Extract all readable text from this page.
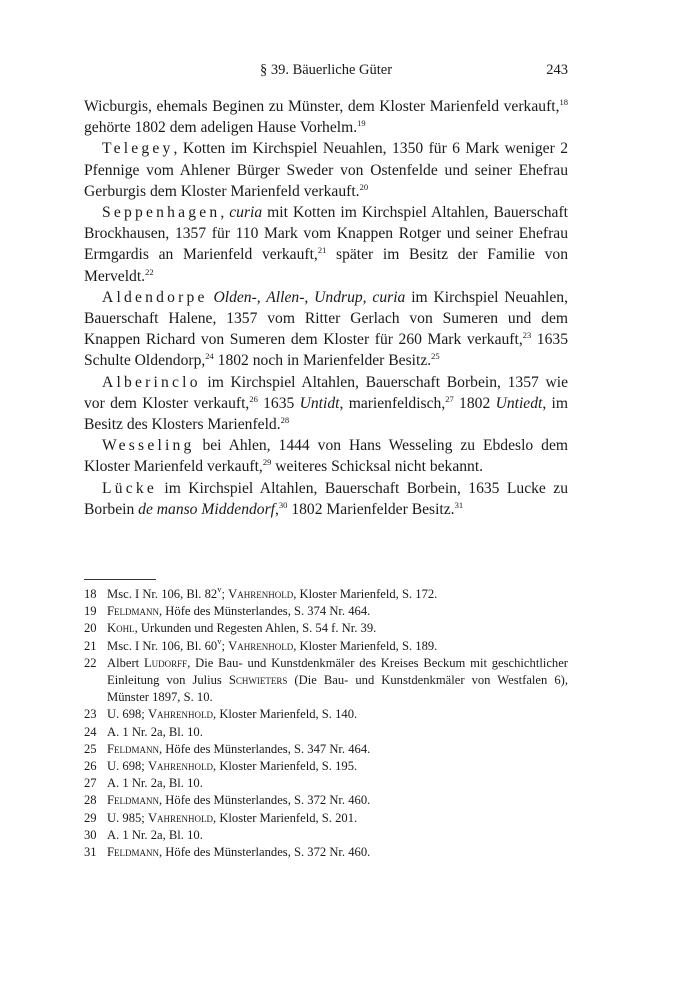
§ 39. Bäuerliche Güter	243

Wicburgis, ehemals Beginen zu Münster, dem Kloster Marienfeld verkauft,$^{18}$ gehörte 1802 dem adeligen Hause Vorhelm.$^{19}$

Telegey, Kotten im Kirchspiel Neuahlen, 1350 für 6 Mark weniger 2 Pfennige vom Ahlener Bürger Sweder von Ostenfelde und seiner Ehefrau Gerburgis dem Kloster Marienfeld verkauft.$^{20}$

Seppenhagen, curia mit Kotten im Kirchspiel Altahlen, Bauerschaft Brockhausen, 1357 für 110 Mark vom Knappen Rotger und seiner Ehefrau Ermgardis an Marienfeld verkauft,$^{21}$ später im Besitz der Familie von Merveldt.$^{22}$

Aldendorpe Olden-, Allen-, Undrup, curia im Kirchspiel Neuahlen, Bauerschaft Halene, 1357 vom Ritter Gerlach von Sumeren und dem Knappen Richard von Sumeren dem Kloster für 260 Mark verkauft,$^{23}$ 1635 Schulte Oldendorp,$^{24}$ 1802 noch in Marienfelder Besitz.$^{25}$

Alberinclo im Kirchspiel Altahlen, Bauerschaft Borbein, 1357 wie vor dem Kloster verkauft,$^{26}$ 1635 Untidt, marienfeldisch,$^{27}$ 1802 Untiedt, im Besitz des Klosters Marienfeld.$^{28}$

Wesseling bei Ahlen, 1444 von Hans Wesseling zu Ebdeslo dem Kloster Marienfeld verkauft,$^{29}$ weiteres Schicksal nicht bekannt.

Lücke im Kirchspiel Altahlen, Bauerschaft Borbein, 1635 Lucke zu Borbein de manso Middendorf,$^{30}$ 1802 Marienfelder Besitz.$^{31}$

18 Msc. I Nr. 106, Bl. 82$^v$; Vahrenhold, Kloster Marienfeld, S. 172.
19 Feldmann, Höfe des Münsterlandes, S. 374 Nr. 464.
20 Kohl, Urkunden und Regesten Ahlen, S. 54 f. Nr. 39.
21 Msc. I Nr. 106, Bl. 60$^v$; Vahrenhold, Kloster Marienfeld, S. 189.
22 Albert Ludorff, Die Bau- und Kunstdenkmäler des Kreises Beckum mit geschichtlicher Einleitung von Julius Schwieters (Die Bau- und Kunstdenkmäler von Westfalen 6), Münster 1897, S. 10.
23 U. 698; Vahrenhold, Kloster Marienfeld, S. 140.
24 A. 1 Nr. 2a, Bl. 10.
25 Feldmann, Höfe des Münsterlandes, S. 347 Nr. 464.
26 U. 698; Vahrenhold, Kloster Marienfeld, S. 195.
27 A. 1 Nr. 2a, Bl. 10.
28 Feldmann, Höfe des Münsterlandes, S. 372 Nr. 460.
29 U. 985; Vahrenhold, Kloster Marienfeld, S. 201.
30 A. 1 Nr. 2a, Bl. 10.
31 Feldmann, Höfe des Münsterlandes, S. 372 Nr. 460.
